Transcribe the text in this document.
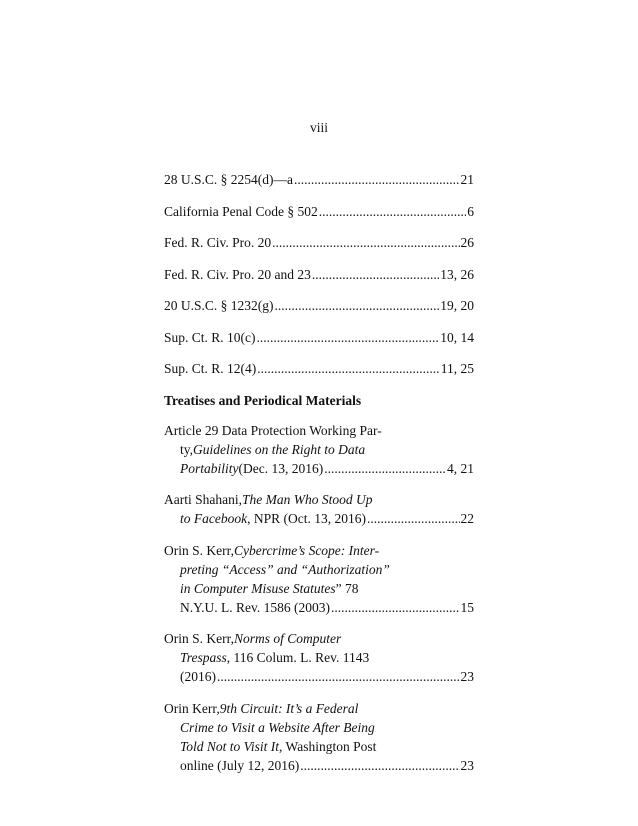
viii
28 U.S.C. § 2254(d)—a .....	21
California Penal Code § 502 .....	6
Fed. R. Civ. Pro. 20 .....	26
Fed. R. Civ. Pro. 20 and 23 .....	13, 26
20 U.S.C. § 1232(g) .....	19, 20
Sup. Ct. R. 10(c) .....	10, 14
Sup. Ct. R. 12(4) .....	11, 25
Treatises and Periodical Materials
Article 29 Data Protection Working Par-
ty, Guidelines on the Right to Data
Portability (Dec. 13, 2016) .....	4, 21
Aarti Shahani, The Man Who Stood Up
to Facebook , NPR (Oct. 13, 2016) .....	22
Orin S. Kerr, Cybercrime’s Scope: Inter-
preting “Access” and “Authorization”
in Computer Misuse Statutes ” 78
N.Y.U. L. Rev. 1586 (2003) .....	15
Orin S. Kerr, Norms of Computer
Trespass , 116 Colum. L. Rev. 1143
(2016) .....	23
Orin Kerr, 9th Circuit: It’s a Federal
Crime to Visit a Website After Being
Told Not to Visit It , Washington Post
online (July 12, 2016) .....	23
